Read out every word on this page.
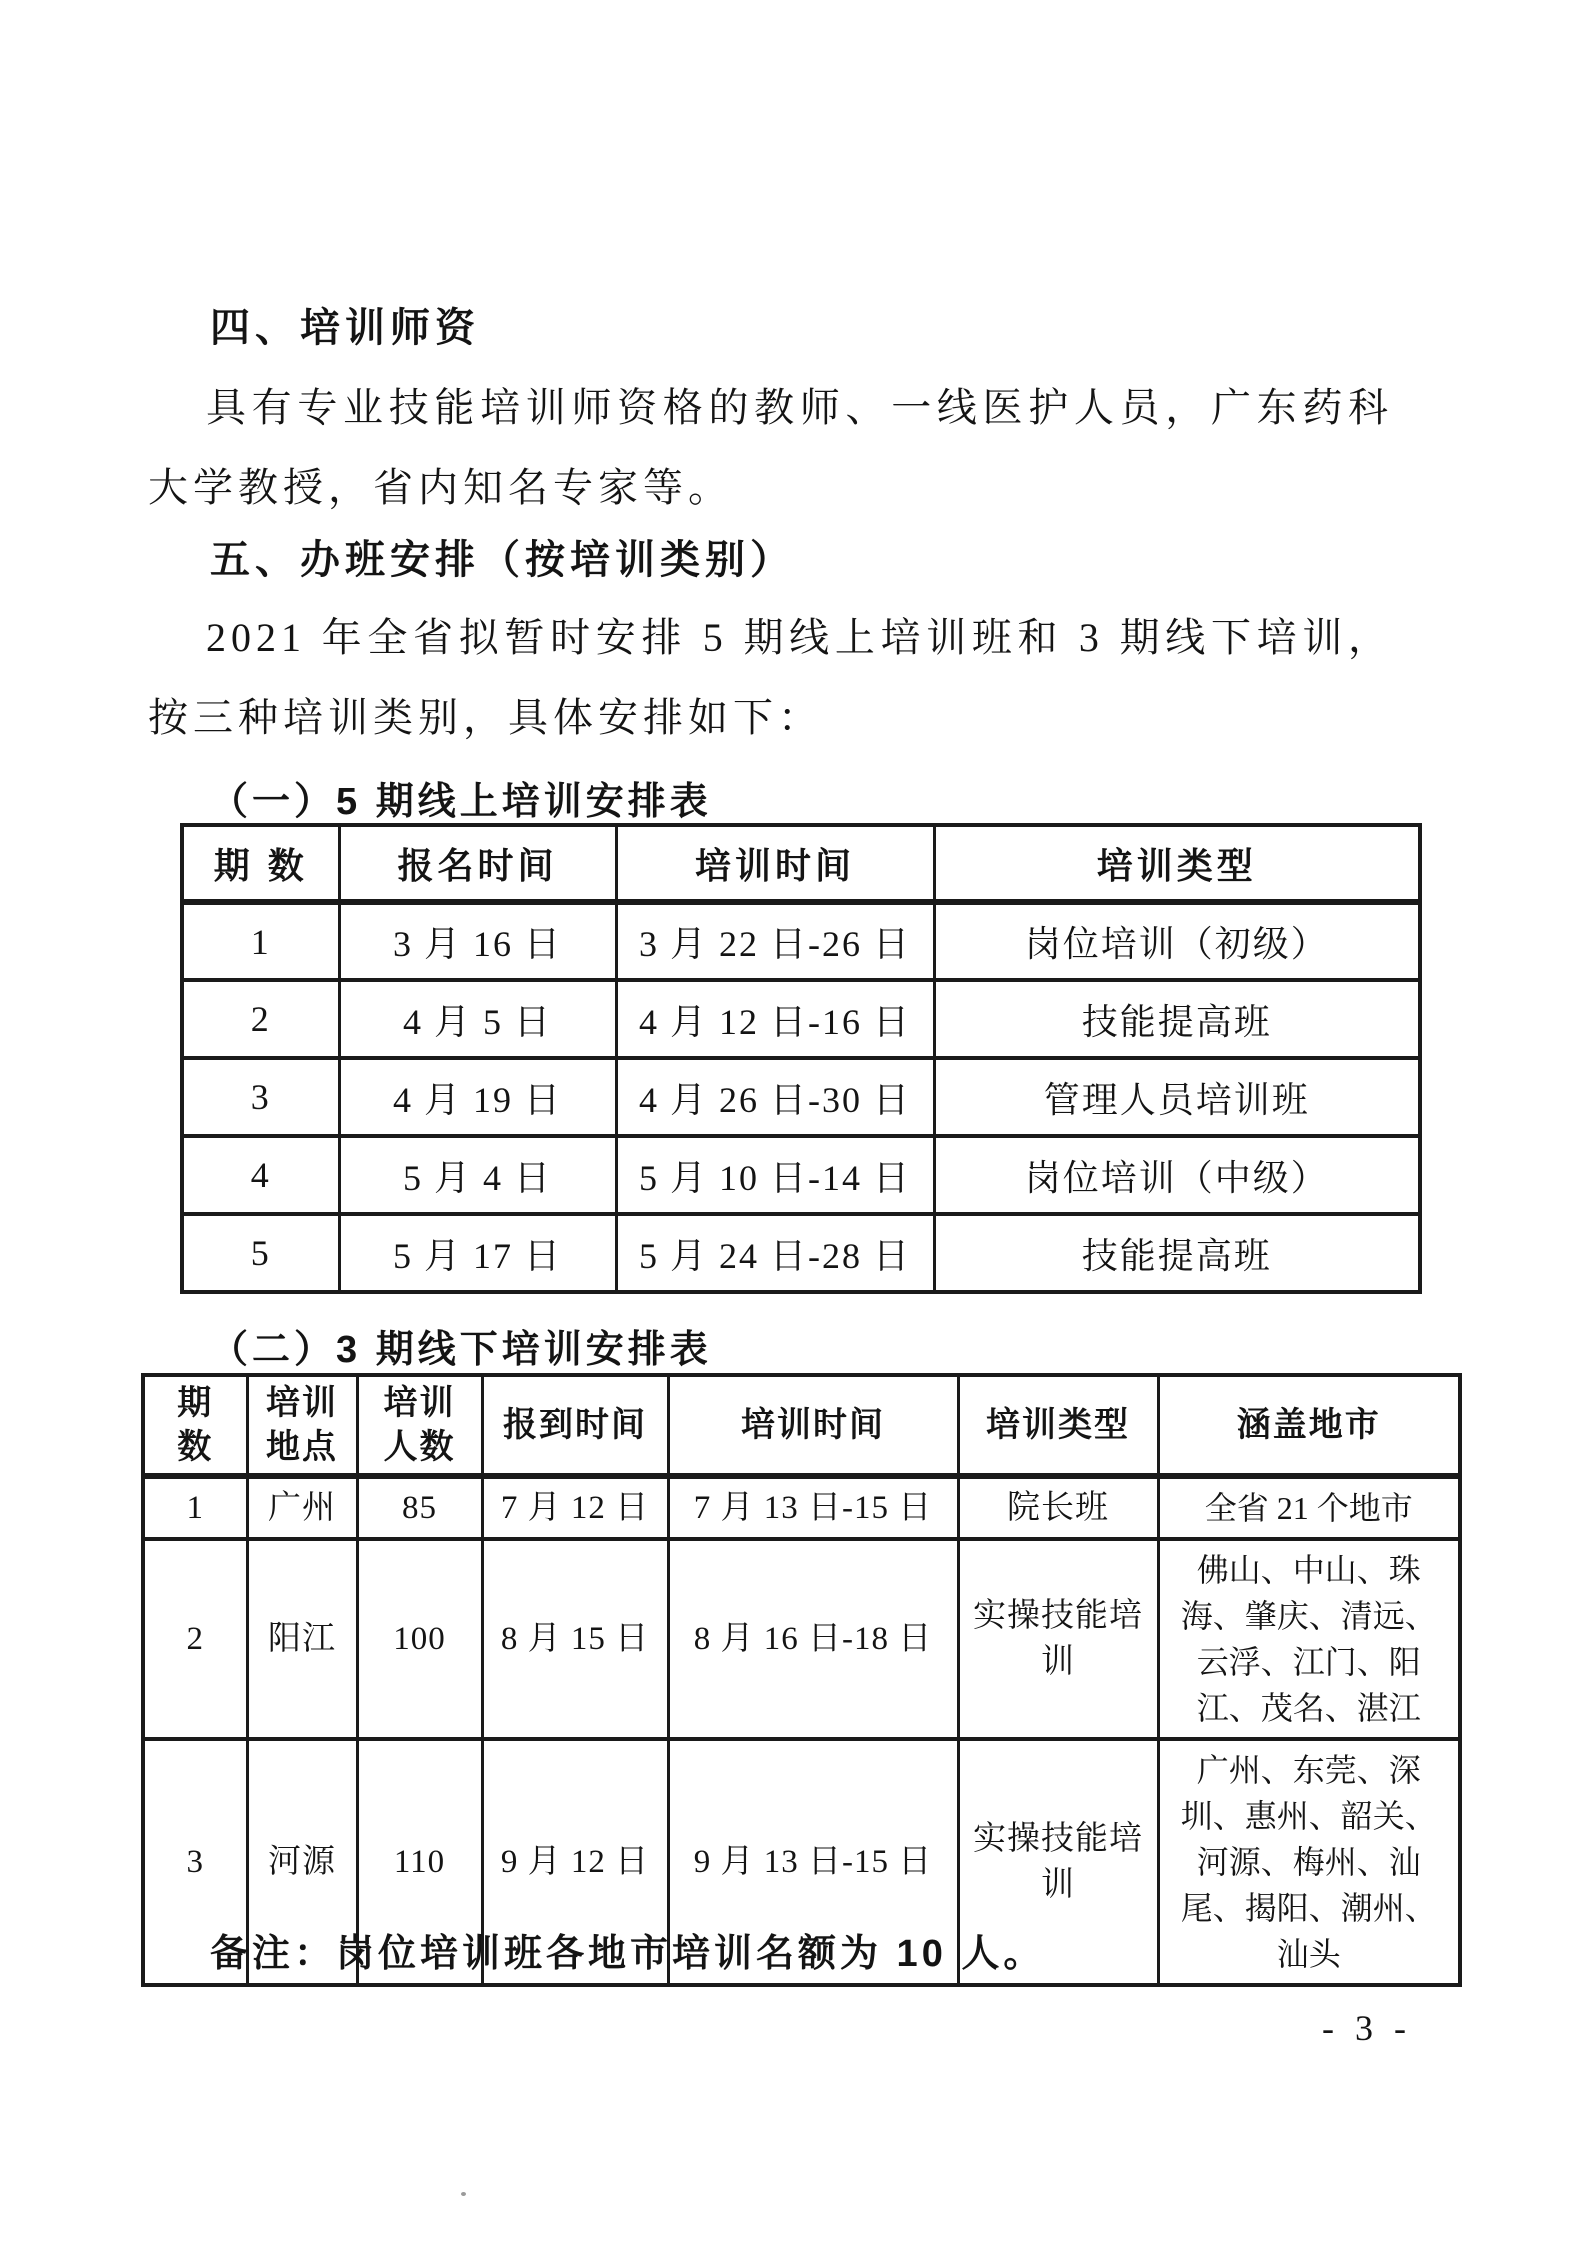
四、培训师资

具有专业技能培训师资格的教师、一线医护人员，广东药科大学教授，省内知名专家等。

五、办班安排（按培训类别）

2021 年全省拟暂时安排 5 期线上培训班和 3 期线下培训，按三种培训类别，具体安排如下：

（一）5 期线上培训安排表
期 数	报名时间	培训时间	培训类型
1	3 月 16 日	3 月 22 日-26 日	岗位培训（初级）
2	4 月 5 日	4 月 12 日-16 日	技能提高班
3	4 月 19 日	4 月 26 日-30 日	管理人员培训班
4	5 月 4 日	5 月 10 日-14 日	岗位培训（中级）
5	5 月 17 日	5 月 24 日-28 日	技能提高班
（二）3 期线下培训安排表
期数	培训地点	培训人数	报到时间	培训时间	培训类型	涵盖地市
1	广州	85	7 月 12 日	7 月 13 日-15 日	院长班	全省 21 个地市
2	阳江	100	8 月 15 日	8 月 16 日-18 日	实操技能培训	佛山、中山、珠海、肇庆、清远、云浮、江门、阳江、茂名、湛江
3	河源	110	9 月 12 日	9 月 13 日-15 日	实操技能培训	广州、东莞、深圳、惠州、韶关、河源、梅州、汕尾、揭阳、潮州、汕头
备注：岗位培训班各地市培训名额为 10 人。
- 3 -
